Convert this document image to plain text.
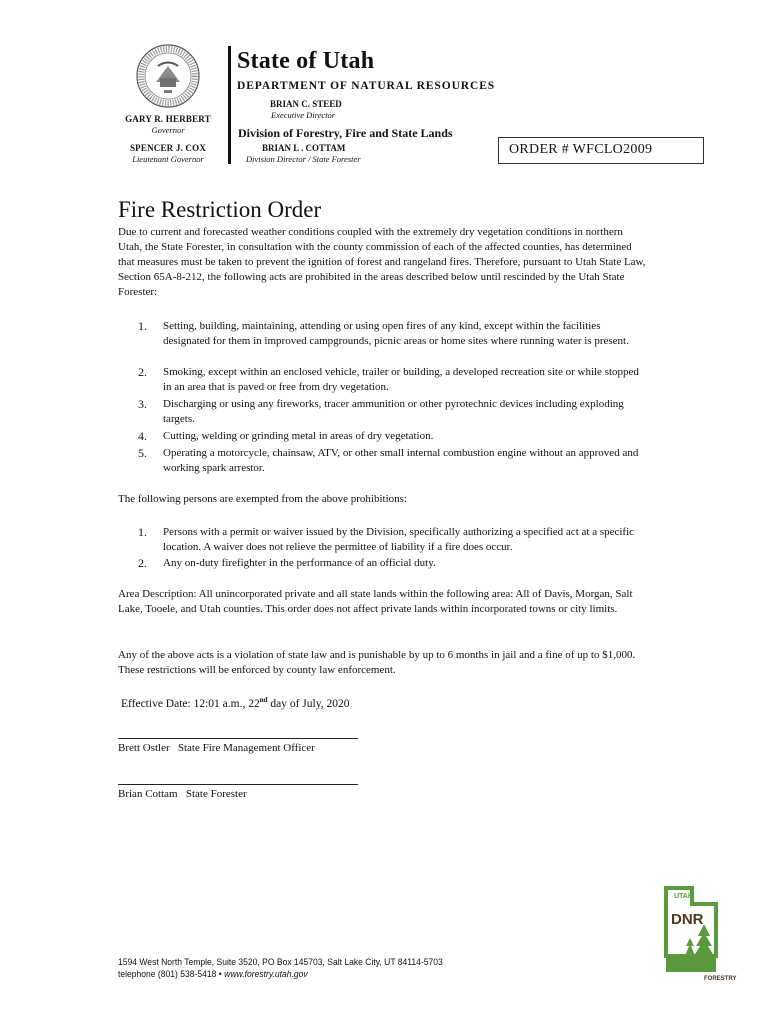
GARY R. HERBERT
Governor
SPENCER J. COX
Lieutenant Governor
State of Utah
DEPARTMENT OF NATURAL RESOURCES
BRIAN C. STEED
Executive Director
Division of Forestry, Fire and State Lands
BRIAN L . COTTAM
Division Director / State Forester
ORDER # WFCLO2009
Fire Restriction Order
Due to current and forecasted weather conditions coupled with the extremely dry vegetation conditions in northern Utah, the State Forester, in consultation with the county commission of each of the affected counties, has determined that measures must be taken to prevent the ignition of forest and rangeland fires. Therefore, pursuant to Utah State Law, Section 65A-8-212, the following acts are prohibited in the areas described below until rescinded by the Utah State Forester:
1.	Setting, building, maintaining, attending or using open fires of any kind, except within the facilities designated for them in improved campgrounds, picnic areas or home sites where running water is present.
2.	Smoking, except within an enclosed vehicle, trailer or building, a developed recreation site or while stopped in an area that is paved or free from dry vegetation.
3.	Discharging or using any fireworks, tracer ammunition or other pyrotechnic devices including exploding targets.
4.	Cutting, welding or grinding metal in areas of dry vegetation.
5.	Operating a motorcycle, chainsaw, ATV, or other small internal combustion engine without an approved and working spark arrestor.
The following persons are exempted from the above prohibitions:
1.	Persons with a permit or waiver issued by the Division, specifically authorizing a specified act at a specific location. A waiver does not relieve the permittee of liability if a fire does occur.
2.	Any on-duty firefighter in the performance of an official duty.
Area Description: All unincorporated private and all state lands within the following area: All of Davis, Morgan, Salt Lake, Tooele, and Utah counties. This order does not affect private lands within incorporated towns or city limits.
Any of the above acts is a violation of state law and is punishable by up to 6 months in jail and a fine of up to $1,000. These restrictions will be enforced by county law enforcement.
Effective Date: 12:01 a.m., 22nd day of July, 2020
Brett Ostler   State Fire Management Officer
Brian Cottam   State Forester
1594 West North Temple, Suite 3520, PO Box 145703, Salt Lake City, UT 84114-5703
telephone (801) 538-5418 • www.forestry.utah.gov
UTAH
DNR
FORESTRY
